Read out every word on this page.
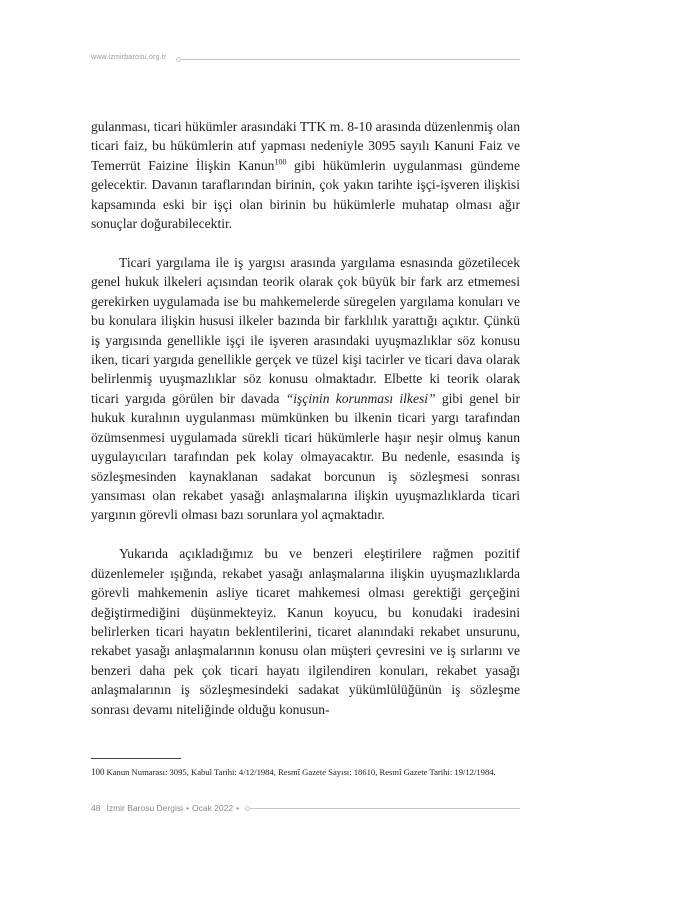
www.izmirbarosu.org.tr

gulanması, ticari hükümler arasındaki TTK m. 8-10 arasında düzenlenmiş olan ticari faiz, bu hükümlerin atıf yapması nedeniyle 3095 sayılı Kanuni Faiz ve Temerrüt Faizine İlişkin Kanun$^{100}$ gibi hükümlerin uygulanması gündeme gelecektir. Davanın taraflarından birinin, çok yakın tarihte işçi-işveren ilişkisi kapsamında eski bir işçi olan birinin bu hükümlerle muhatap olması ağır sonuçlar doğurabilecektir.

Ticari yargılama ile iş yargısı arasında yargılama esnasında gözetilecek genel hukuk ilkeleri açısından teorik olarak çok büyük bir fark arz etmemesi gerekirken uygulamada ise bu mahkemelerde süregelen yargılama konuları ve bu konulara ilişkin hususi ilkeler bazında bir farklılık yarattığı açıktır. Çünkü iş yargısında genellikle işçi ile işveren arasındaki uyuşmazlıklar söz konusu iken, ticari yargıda genellikle gerçek ve tüzel kişi tacirler ve ticari dava olarak belirlenmiş uyuşmazlıklar söz konusu olmaktadır. Elbette ki teorik olarak ticari yargıda görülen bir davada “işçinin korunması ilkesi” gibi genel bir hukuk kuralının uygulanması mümkünken bu ilkenin ticari yargı tarafından özümsenmesi uygulamada sürekli ticari hükümlerle haşır neşir olmuş kanun uygulayıcıları tarafından pek kolay olmayacaktır. Bu nedenle, esasında iş sözleşmesinden kaynaklanan sadakat borcunun iş sözleşmesi sonrası yansıması olan rekabet yasağı anlaşmalarına ilişkin uyuşmazlıklarda ticari yargının görevli olması bazı sorunlara yol açmaktadır.

Yukarıda açıkladığımız bu ve benzeri eleştirilere rağmen pozitif düzenlemeler ışığında, rekabet yasağı anlaşmalarına ilişkin uyuşmazlıklarda görevli mahkemenin asliye ticaret mahkemesi olması gerektiği gerçeğini değiştirmediğini düşünmekteyiz. Kanun koyucu, bu konudaki iradesini belirlerken ticari hayatın beklentilerini, ticaret alanındaki rekabet unsurunu, rekabet yasağı anlaşmalarının konusu olan müşteri çevresini ve iş sırlarını ve benzeri daha pek çok ticari hayatı ilgilendiren konuları, rekabet yasağı anlaşmalarının iş sözleşmesindeki sadakat yükümlülüğünün iş sözleşme sonrası devamı niteliğinde olduğu konusun-

100 Kanun Numarası: 3095, Kabul Tarihi: 4/12/1984, Resmî Gazete Sayısı: 18610, Resmî Gazete Tarihi: 19/12/1984.
48 İzmir Barosu Dergisi • Ocak 2022 •
